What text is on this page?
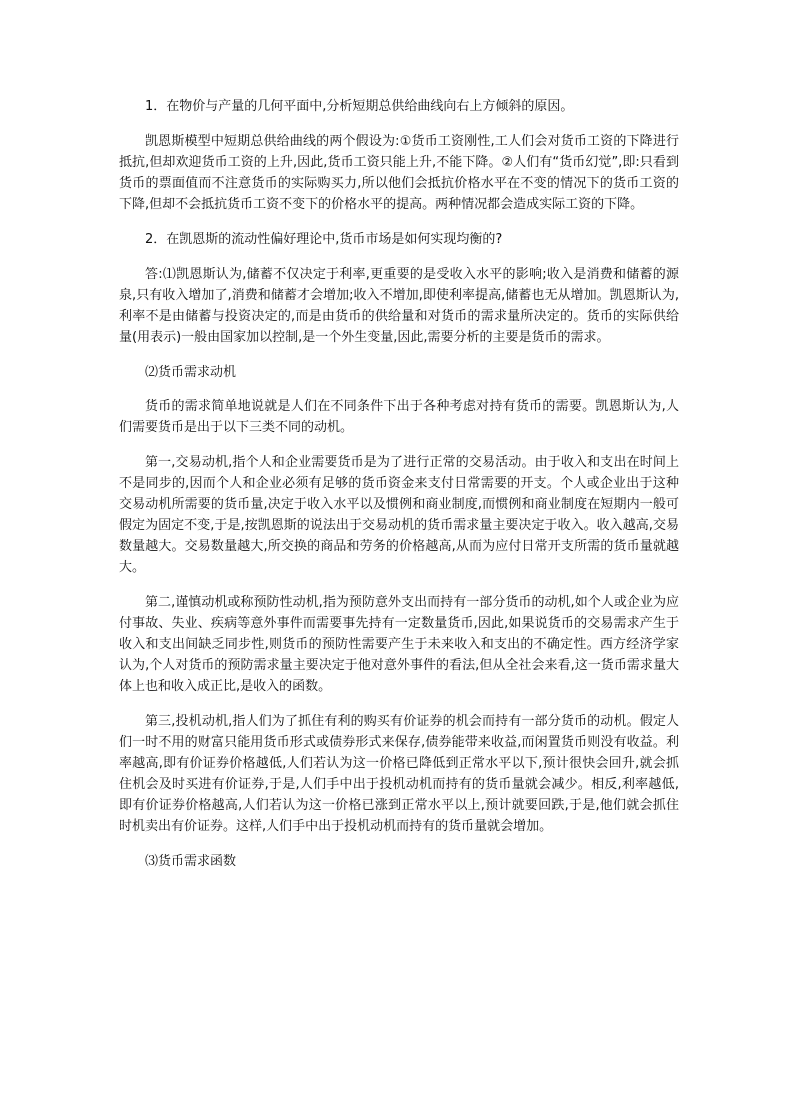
1．在物价与产量的几何平面中,分析短期总供给曲线向右上方倾斜的原因。

凯恩斯模型中短期总供给曲线的两个假设为:①货币工资刚性,工人们会对货币工资的下降进行抵抗,但却欢迎货币工资的上升,因此,货币工资只能上升,不能下降。②人们有“货币幻觉”,即:只看到货币的票面值而不注意货币的实际购买力,所以他们会抵抗价格水平在不变的情况下的货币工资的下降,但却不会抵抗货币工资不变下的价格水平的提高。两种情况都会造成实际工资的下降。

2．在凯恩斯的流动性偏好理论中,货币市场是如何实现均衡的?

答:⑴凯恩斯认为,储蓄不仅决定于利率,更重要的是受收入水平的影响;收入是消费和储蓄的源泉,只有收入增加了,消费和储蓄才会增加;收入不增加,即使利率提高,储蓄也无从增加。凯恩斯认为,利率不是由储蓄与投资决定的,而是由货币的供给量和对货币的需求量所决定的。货币的实际供给量(用表示)一般由国家加以控制,是一个外生变量,因此,需要分析的主要是货币的需求。

⑵货币需求动机

货币的需求简单地说就是人们在不同条件下出于各种考虑对持有货币的需要。凯恩斯认为,人们需要货币是出于以下三类不同的动机。

第一,交易动机,指个人和企业需要货币是为了进行正常的交易活动。由于收入和支出在时间上不是同步的,因而个人和企业必须有足够的货币资金来支付日常需要的开支。个人或企业出于这种交易动机所需要的货币量,决定于收入水平以及惯例和商业制度,而惯例和商业制度在短期内一般可假定为固定不变,于是,按凯恩斯的说法出于交易动机的货币需求量主要决定于收入。收入越高,交易数量越大。交易数量越大,所交换的商品和劳务的价格越高,从而为应付日常开支所需的货币量就越大。

第二,谨慎动机或称预防性动机,指为预防意外支出而持有一部分货币的动机,如个人或企业为应付事故、失业、疾病等意外事件而需要事先持有一定数量货币,因此,如果说货币的交易需求产生于收入和支出间缺乏同步性,则货币的预防性需要产生于未来收入和支出的不确定性。西方经济学家认为,个人对货币的预防需求量主要决定于他对意外事件的看法,但从全社会来看,这一货币需求量大体上也和收入成正比,是收入的函数。

第三,投机动机,指人们为了抓住有利的购买有价证券的机会而持有一部分货币的动机。假定人们一时不用的财富只能用货币形式或债券形式来保存,债券能带来收益,而闲置货币则没有收益。利率越高,即有价证券价格越低,人们若认为这一价格已降低到正常水平以下,预计很快会回升,就会抓住机会及时买进有价证券,于是,人们手中出于投机动机而持有的货币量就会减少。相反,利率越低,即有价证券价格越高,人们若认为这一价格已涨到正常水平以上,预计就要回跌,于是,他们就会抓住时机卖出有价证券。这样,人们手中出于投机动机而持有的货币量就会增加。

⑶货币需求函数
